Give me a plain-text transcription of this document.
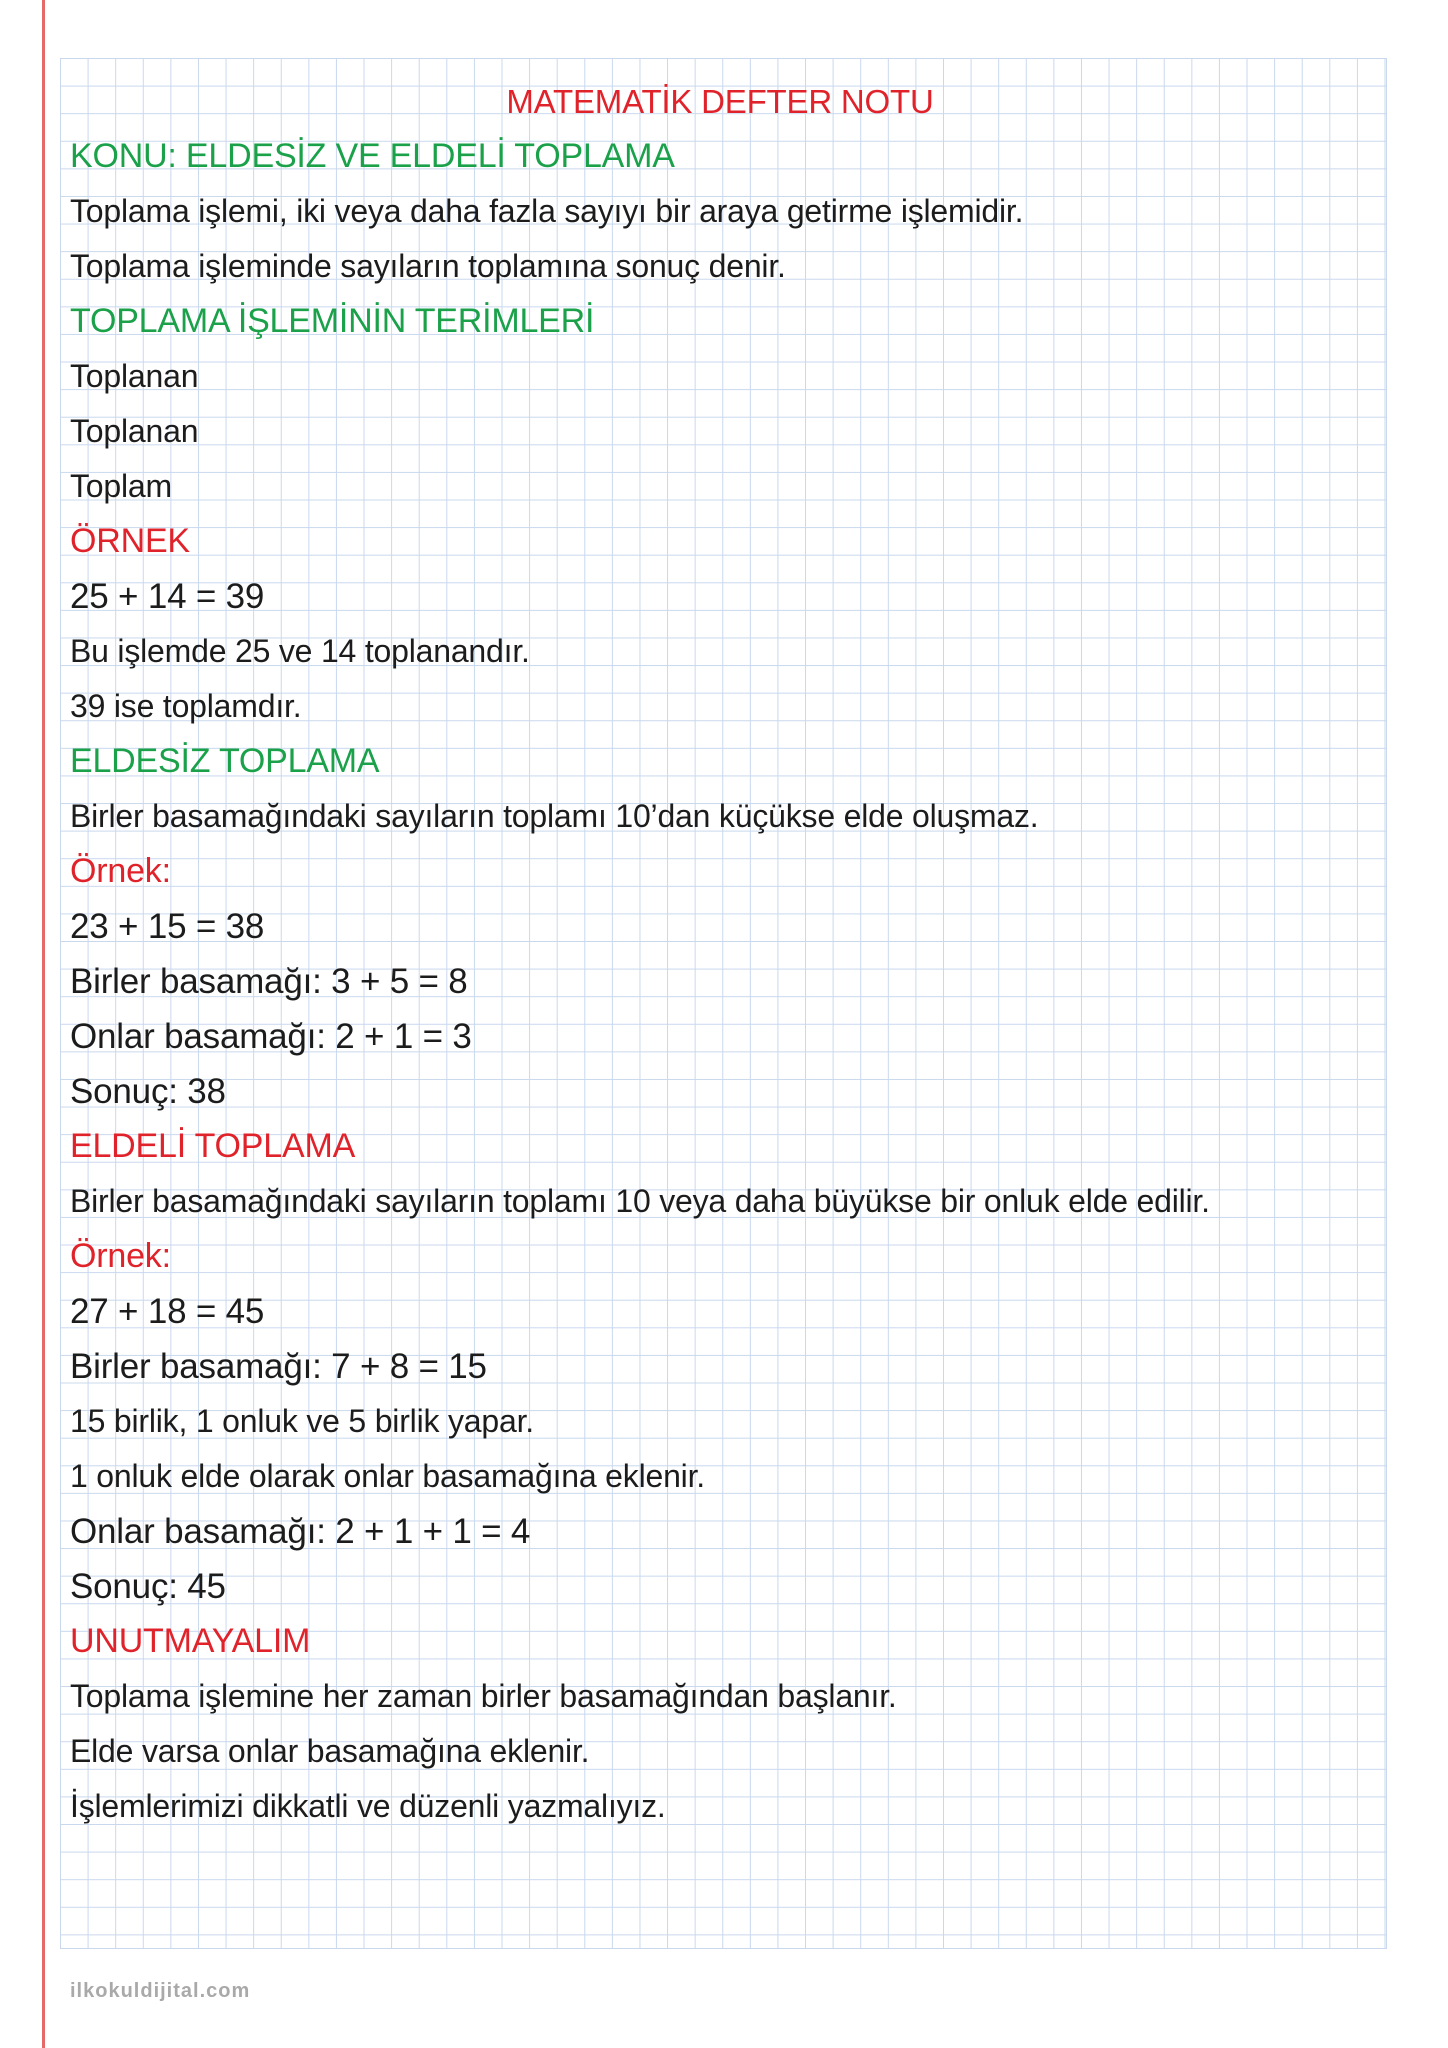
MATEMATİK DEFTER NOTU
KONU: ELDESİZ VE ELDELİ TOPLAMA
Toplama işlemi, iki veya daha fazla sayıyı bir araya getirme işlemidir.
Toplama işleminde sayıların toplamına sonuç denir.
TOPLAMA İŞLEMİNİN TERİMLERİ
Toplanan
Toplanan
Toplam
ÖRNEK
25 + 14 = 39
Bu işlemde 25 ve 14 toplanandır.
39 ise toplamdır.
ELDESİZ TOPLAMA
Birler basamağındaki sayıların toplamı 10’dan küçükse elde oluşmaz.
Örnek:
23 + 15 = 38
Birler basamağı: 3 + 5 = 8
Onlar basamağı: 2 + 1 = 3
Sonuç: 38
ELDELİ TOPLAMA
Birler basamağındaki sayıların toplamı 10 veya daha büyükse bir onluk elde edilir.
Örnek:
27 + 18 = 45
Birler basamağı: 7 + 8 = 15
15 birlik, 1 onluk ve 5 birlik yapar.
1 onluk elde olarak onlar basamağına eklenir.
Onlar basamağı: 2 + 1 + 1 = 4
Sonuç: 45
UNUTMAYALIM
Toplama işlemine her zaman birler basamağından başlanır.
Elde varsa onlar basamağına eklenir.
İşlemlerimizi dikkatli ve düzenli yazmalıyız.
ilkokuldijital.com
